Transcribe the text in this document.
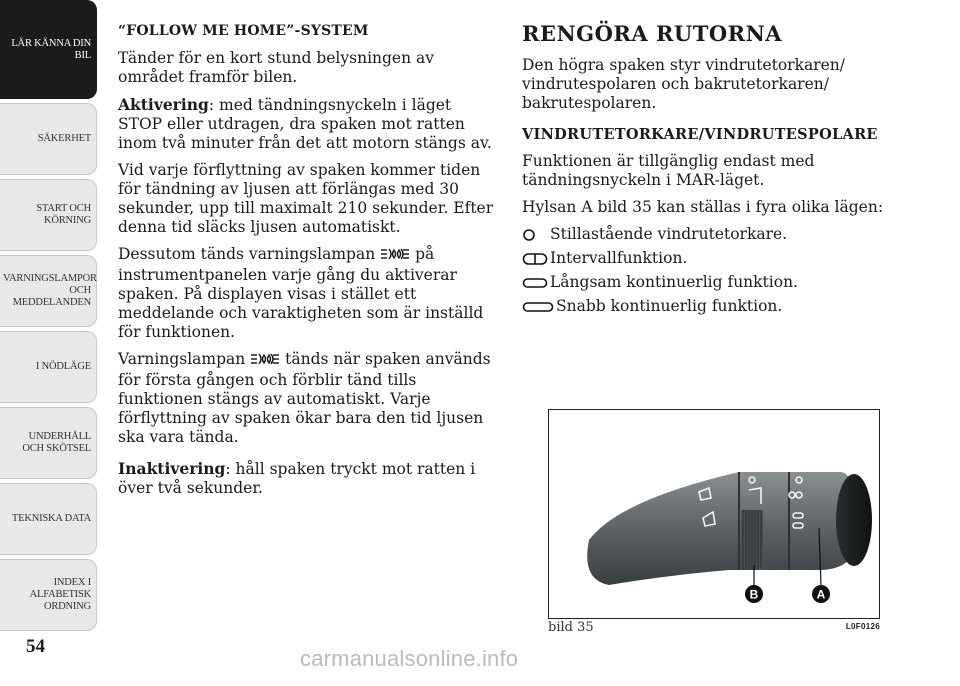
LÄR KÄNNA DIN BIL
SÄKERHET
START OCH KÖRNING
VARNINGSLAMPOR OCH MEDDELANDEN
I NÖDLÄGE
UNDERHÅLL OCH SKÖTSEL
TEKNISKA DATA
INDEX I ALFABETISK ORDNING
54
“FOLLOW ME HOME”-SYSTEM

Tänder för en kort stund belysningen av området framför bilen.

Aktivering: med tändningsnyckeln i läget STOP eller utdragen, dra spaken mot ratten inom två minuter från det att motorn stängs av.

Vid varje förflyttning av spaken kommer tiden för tändning av ljusen att förlängas med 30 sekunder, upp till maximalt 210 sekunder. Efter denna tid släcks ljusen automatiskt.

Dessutom tänds varningslampan	på instrumentpanelen varje gång du aktiverar spaken. På displayen visas i stället ett meddelande och varaktigheten som är inställd för funktionen.

Varningslampan	tänds när spaken används för första gången och förblir tänd tills funktionen stängs av automatiskt. Varje förflyttning av spaken ökar bara den tid ljusen ska vara tända.

Inaktivering: håll spaken tryckt mot ratten i över två sekunder.

RENGÖRA RUTORNA

Den högra spaken styr vindrutetorkaren/ vindrutespolaren och bakrutetorkaren/ bakrutespolaren.

VINDRUTETORKARE/VINDRUTESPOLARE

Funktionen är tillgänglig endast med tändningsnyckeln i MAR-läget.

Hylsan A bild 35 kan ställas i fyra olika lägen:

Stillastående vindrutetorkare.
Intervallfunktion.
Långsam kontinuerlig funktion.
Snabb kontinuerlig funktion.
B	A
bild 35	L0F0126
carmanualsonline.info
